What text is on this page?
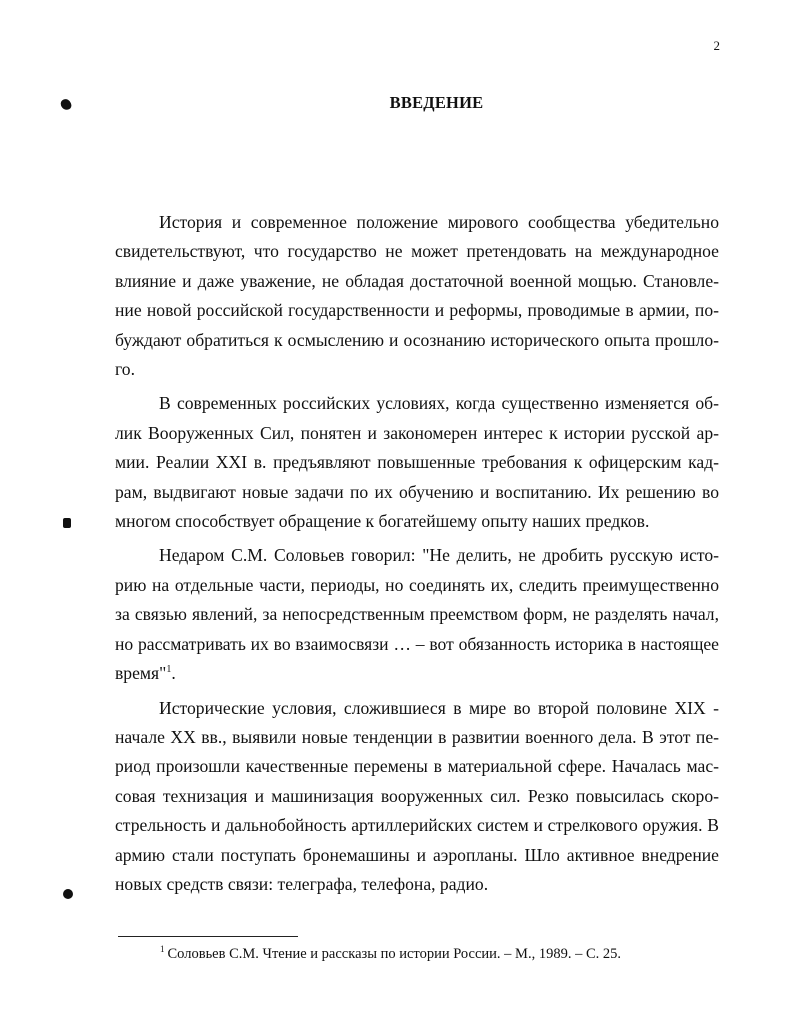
2
ВВЕДЕНИЕ

История и современное положение мирового сообщества убедительно свидетельствуют, что государство не может претендовать на международное влияние и даже уважение, не обладая достаточной военной мощью. Становление новой российской государственности и реформы, проводимые в армии, побуждают обратиться к осмыслению и осознанию исторического опыта прошлого.

В современных российских условиях, когда существенно изменяется облик Вооруженных Сил, понятен и закономерен интерес к истории русской армии. Реалии XXI в. предъявляют повышенные требования к офицерским кадрам, выдвигают новые задачи по их обучению и воспитанию. Их решению во многом способствует обращение к богатейшему опыту наших предков.

Недаром С.М. Соловьев говорил: "Не делить, не дробить русскую историю на отдельные части, периоды, но соединять их, следить преимущественно за связью явлений, за непосредственным преемством форм, не разделять начал, но рассматривать их во взаимосвязи … – вот обязанность историка в настоящее время"$^1$.

Исторические условия, сложившиеся в мире во второй половине XIX - начале XX вв., выявили новые тенденции в развитии военного дела. В этот период произошли качественные перемены в материальной сфере. Началась массовая технизация и машинизация вооруженных сил. Резко повысилась скорострельность и дальнобойность артиллерийских систем и стрелкового оружия. В армию стали поступать бронемашины и аэропланы. Шло активное внедрение новых средств связи: телеграфа, телефона, радио.

$^1$ Соловьев С.М. Чтение и рассказы по истории России. – М., 1989. – С. 25.
